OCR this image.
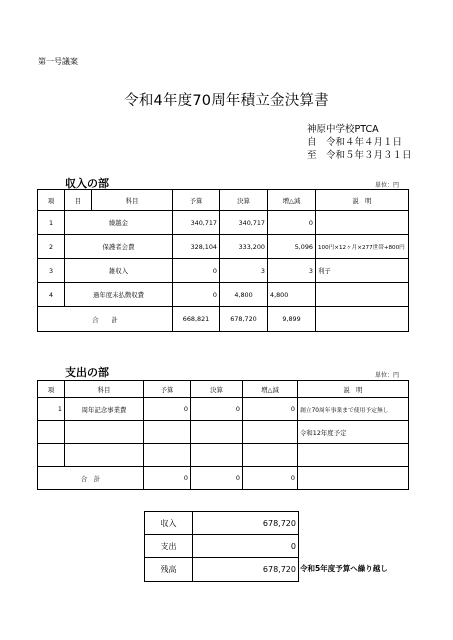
第一号議案
令和4年度70周年積立金決算書
神原中学校PTCA
自　令和４年４月１日
至　令和５年３月３１日
収入の部	単位：円
項	目	科目	予算	決算	増△減	説　明
1	繰越金		340,717	340,717	0	
2	保護者会費		328,104	333,200	5,096	100円×12ヶ月×277世帯+800円
3	雑収入		0	3	3	利子
4	過年度未払徴収費		0	4,800	4,800	
合　　計			668,821	678,720	9,899	
支出の部	単位：円
項	科目	予算	決算	増△減	説　明
1	周年記念事業費	0	0	0	創立70周年事業まで使用予定無し
					令和12年度予定

合　計		0	0	0	
収入	678,720
支出	0
残高	678,720 令和5年度予算へ繰り越し
